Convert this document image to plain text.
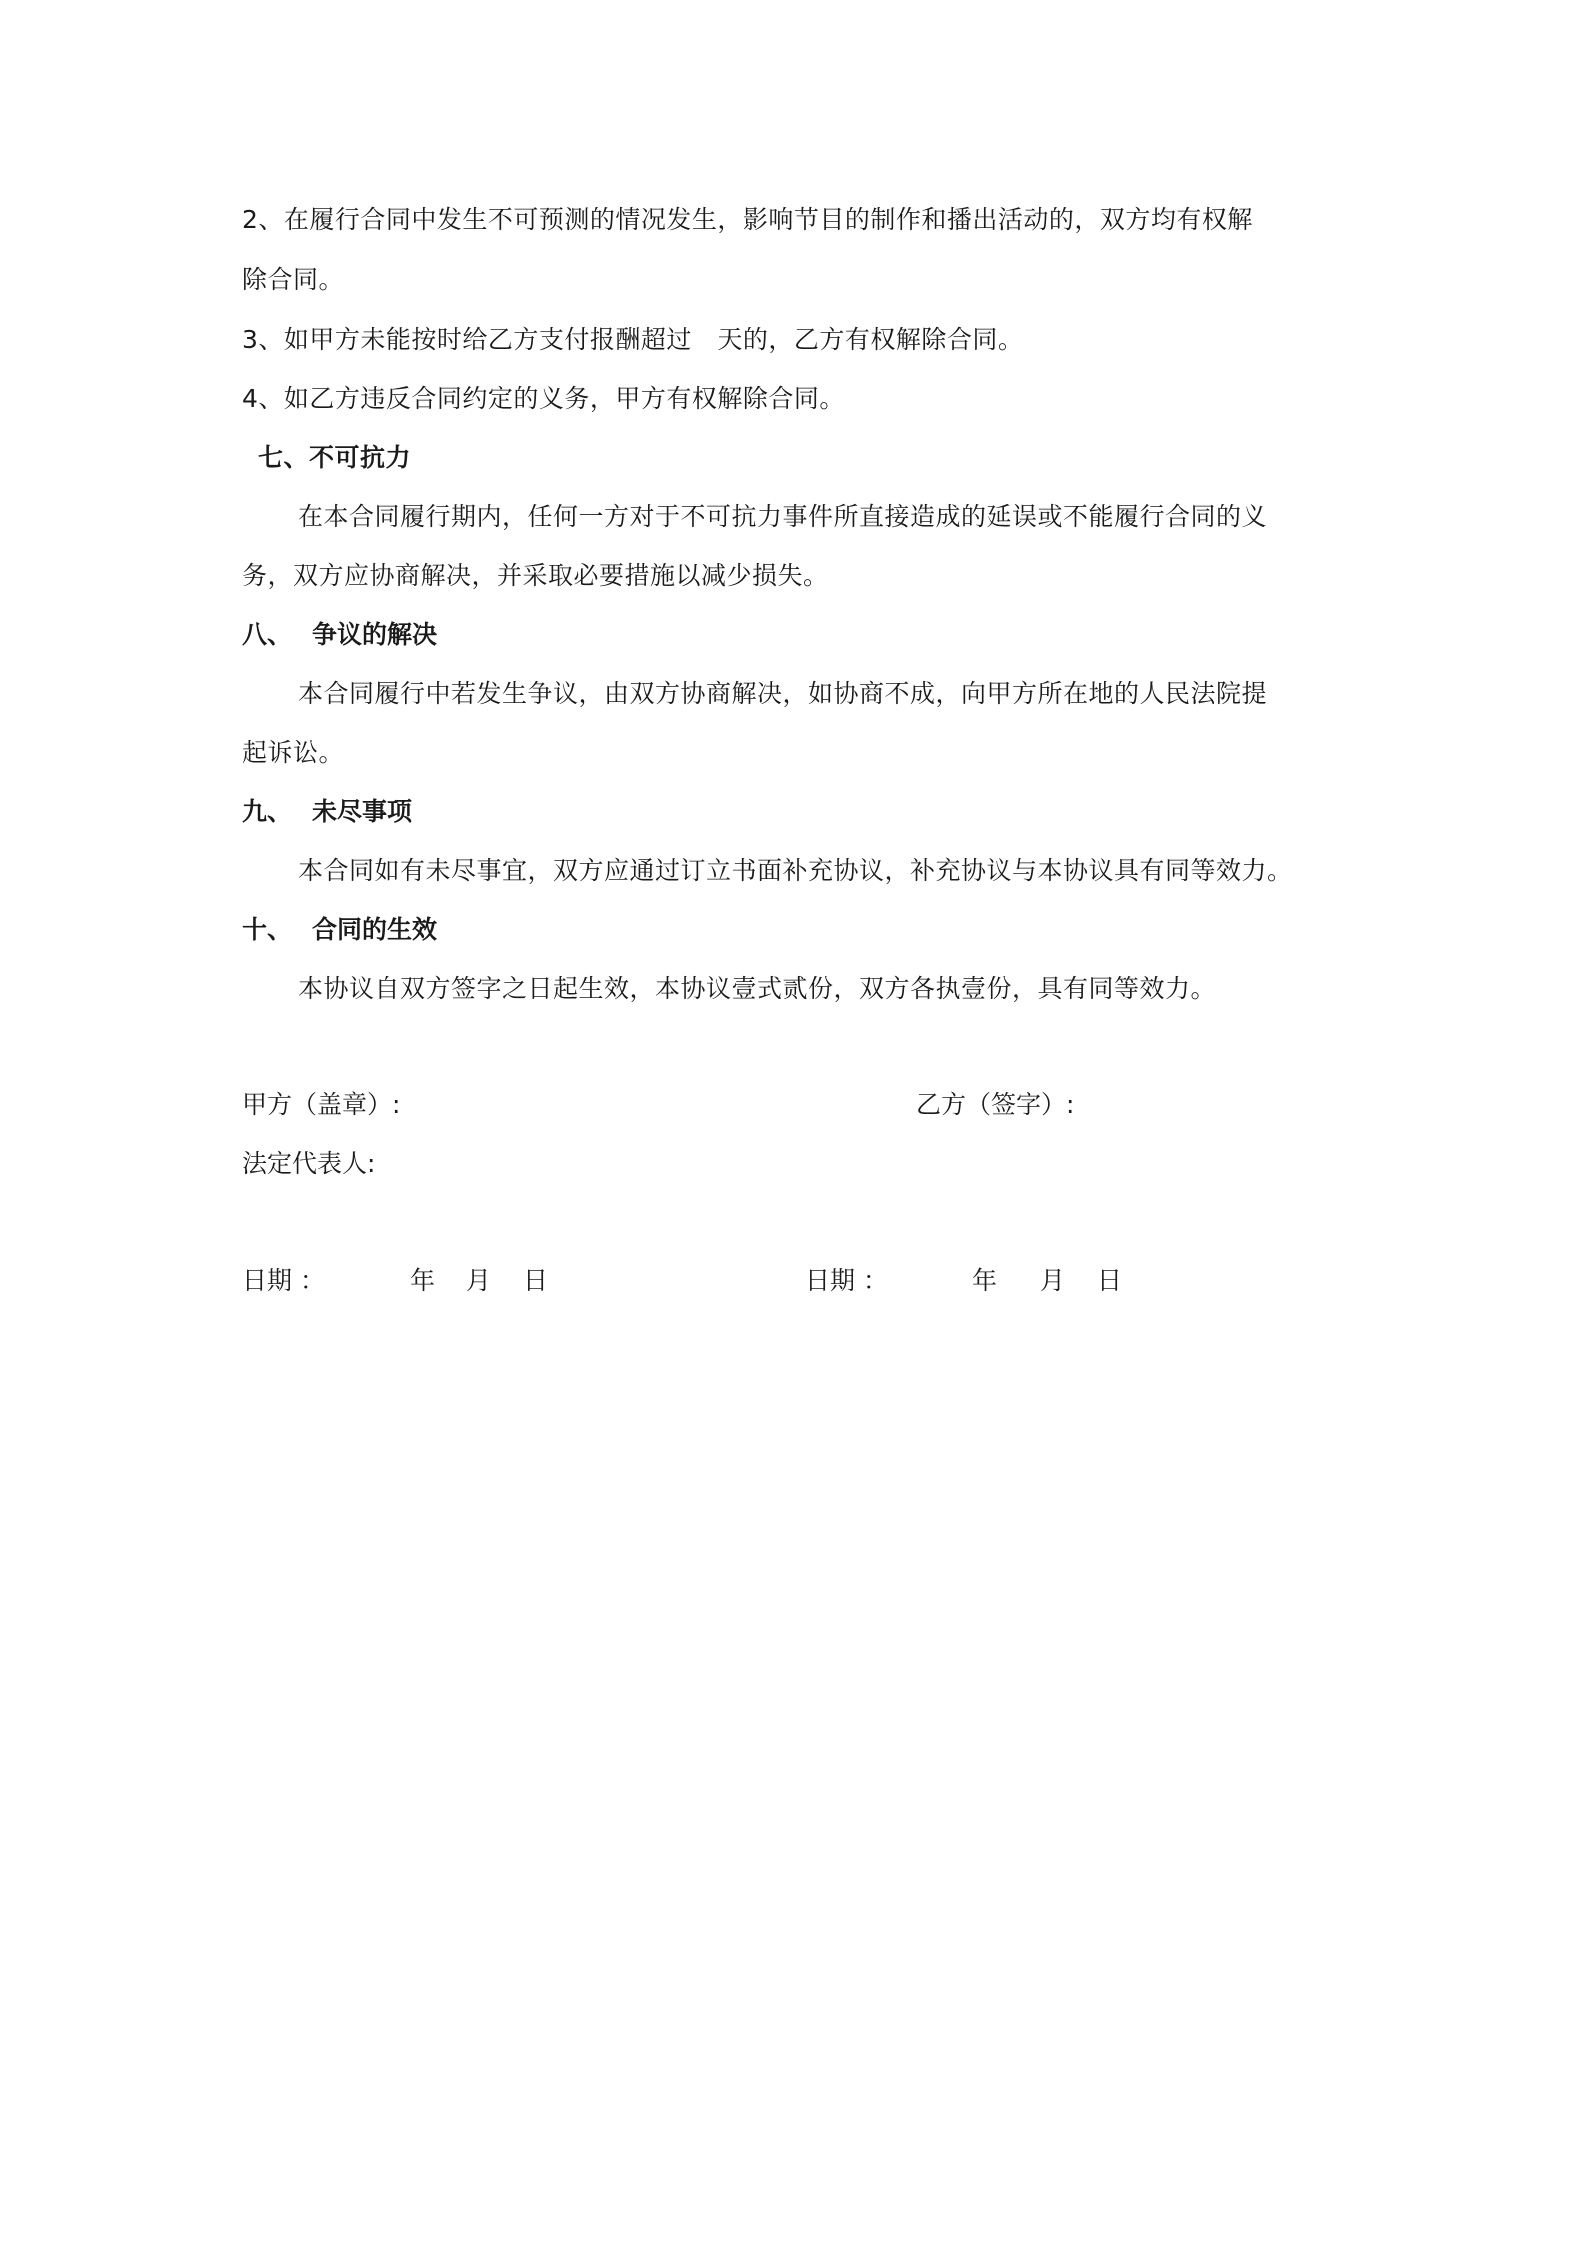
2、在履行合同中发生不可预测的情况发生，影响节目的制作和播出活动的，双方均有权解
除合同。
3、如甲方未能按时给乙方支付报酬超过　天的，乙方有权解除合同。
4、如乙方违反合同约定的义务，甲方有权解除合同。
七、不可抗力
在本合同履行期内，任何一方对于不可抗力事件所直接造成的延误或不能履行合同的义
务，双方应协商解决，并采取必要措施以减少损失。
八、 争议的解决
本合同履行中若发生争议，由双方协商解决，如协商不成，向甲方所在地的人民法院提
起诉讼。
九、 未尽事项
本合同如有未尽事宜，双方应通过订立书面补充协议，补充协议与本协议具有同等效力。
十、 合同的生效
本协议自双方签字之日起生效，本协议壹式贰份，双方各执壹份，具有同等效力。
甲方（盖章）:	乙方（签字）:
法定代表人:
日期 ：	年 月 日	日期 ：	年 月 日
